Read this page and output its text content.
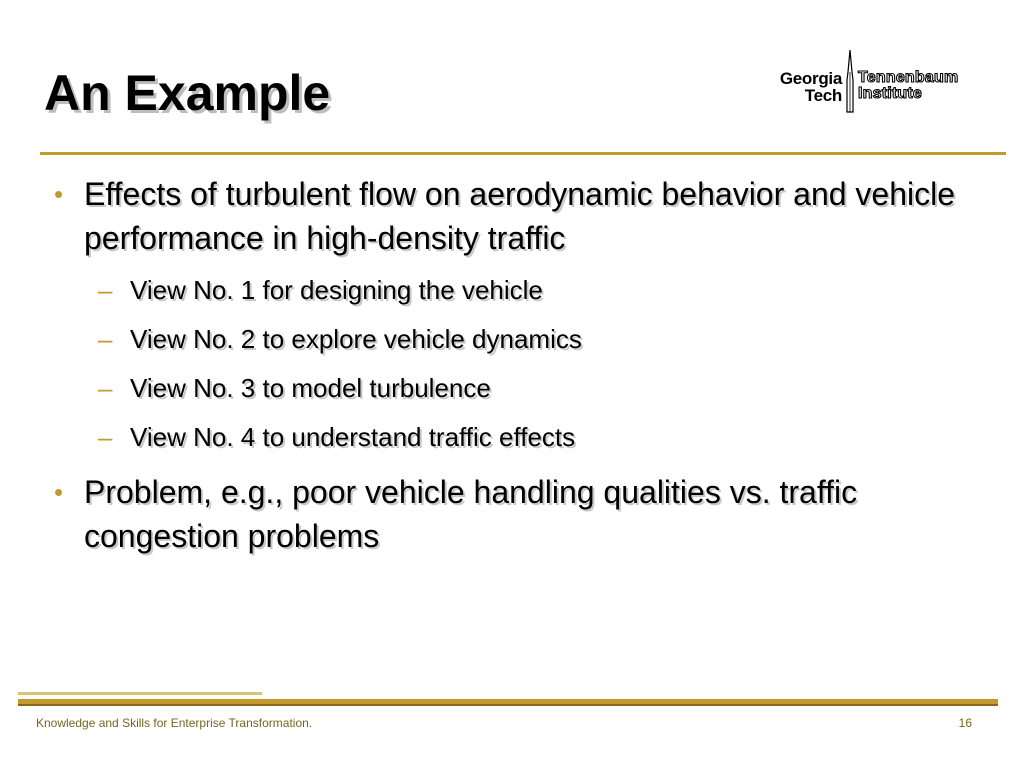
An Example	Georgia
Tech
Tennenbaum
Institute
• Effects of turbulent flow on aerodynamic behavior and vehicle performance in high-density traffic
– View No. 1 for designing the vehicle
– View No. 2 to explore vehicle dynamics
– View No. 3 to model turbulence
– View No. 4 to understand traffic effects
• Problem, e.g., poor vehicle handling qualities vs. traffic congestion problems
Knowledge and Skills for Enterprise Transformation.	16
